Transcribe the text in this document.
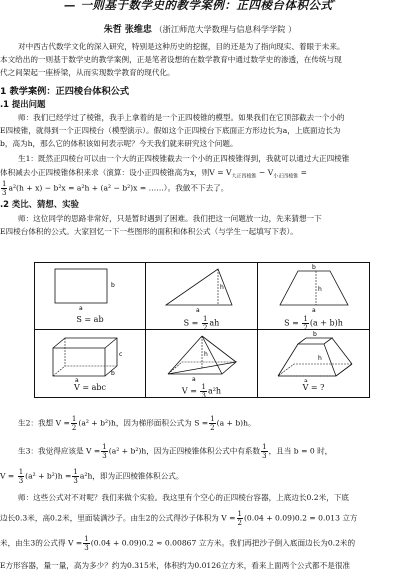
— 一则基于数学史的教学案例：正四棱台体积公式*
朱哲 张维忠 （浙江师范大学数理与信息科学学院 ）
对中西古代数学文化的深入研究，特别是这种历史的挖掘，目的还是为了指向现实、着眼于未来。
本文给出的一则基于数学史的教学案例，正是笔者设想的在数学教育中通过数学史的渗透，在传统与现
代之间架起一座桥梁，从而实现数学教育的现代化。
1 教学案例：正四棱台体积公式
.1 提出问题
师：我们已经学过了棱锥，我手上拿着的是一个正四棱锥的模型。如果我们在它顶部截去一个小的
E四棱锥，就得到一个正四棱台（模型演示）。假如这个正四棱台下底面正方形边长为a，上底面边长为
b，高为h，那么它的体积该如何表示呢？今天我们就来研究这个问题。
生1：既然正四棱台可以由一个大的正四棱锥截去一个小的正四棱锥得到，我就可以通过大正四棱锥
体积减去小正四棱锥体积来求（演算：设小正四棱锥高为x，则$V = V_{大正四棱锥} - V_{小正四棱锥}$ =
$\frac{1}{3} a^2(h + x) - b^2x = a^2h + (a^2 - b^2)x$ = ……）。我做不下去了。
.2 类比、猜想、实验
师：这位同学的思路非常好，只是暂时遇到了困难。我们把这一问题放一边，先来猜想一下
E四棱台体积的公式。大家回忆一下一些图形的面积和体积公式（与学生一起填写下表）。
b
a
S = ab
h
a
$S = \frac{1}{2}$ ah
b
h
a
$S = \frac{1}{2} (a + b)h$
c
b
a
V = abc
h
a
$V = \frac{1}{3} a^2h$
b
h
a
V = ?
生2：我想 $V = \frac{1}{2} (a^2 + b^2)h$，因为梯形面积公式为 $S = \frac{1}{2} (a + b)h$。
生3：我觉得应该是 $V = \frac{1}{3} (a^2 + b^2)h$，因为正四棱锥体积公式中有系数 $\frac{1}{3}$ ，且当 b = 0 时，
$V = \frac{1}{3} (a^2 + b^2)h = \frac{1}{3} a^2h$，即为正四棱锥体积公式。
师：这些公式对不对呢？我们来做个实验。我这里有个空心的正四棱台容器，上底边长0.2米，下底
边长0.3米，高0.2米，里面装满沙子。由生2的公式得沙子体积为 $V = \frac{1}{2} (0.04 + 0.09)0.2 = 0.013$ 立方
米，由生3的公式得 $V = \frac{1}{3} (0.04 + 0.09)0.2 \approx 0.00867$ 立方米。我们再把沙子倒入底面边长为0.2米的
E方形容器，量一量，高为多少？约为0.315米，体积约为0.0126立方米，看来上面两个公式都不是很准
